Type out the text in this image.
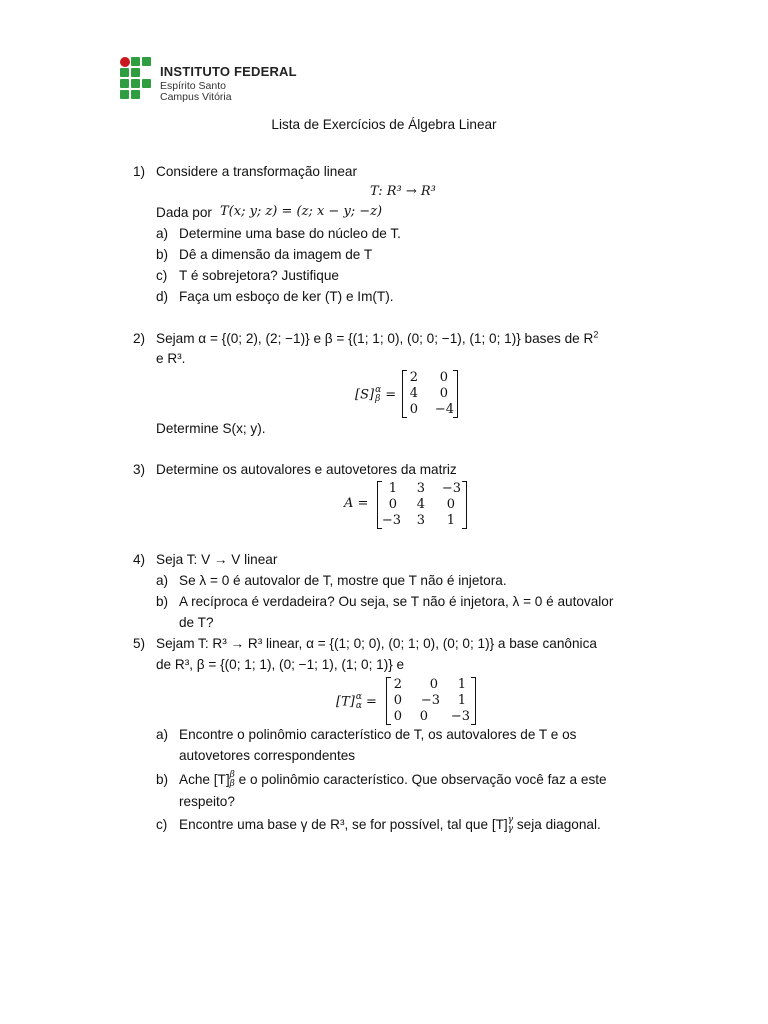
INSTITUTO FEDERAL
Espírito Santo
Campus Vitória
Lista de Exercícios de Álgebra Linear
1) Considere a transformação linear
T: R³ → R³
Dada por T(x; y; z) = (z; x − y; −z)
a) Determine uma base do núcleo de T.
b) Dê a dimensão da imagem de T
c) T é sobrejetora? Justifique
d) Faça um esboço de ker (T) e Im(T).
2) Sejam α = {(0; 2), (2; −1)} e β = {(1; 1; 0), (0; 0; −1), (1; 0; 1)} bases de $R^2$
e R³.
[S] α
β =
2	0
4	0
0	−4
Determine S(x; y).
3) Determine os autovalores e autovetores da matriz
A =
1	3	−3
0	4	0
−3	3	1
4) Seja T: V → V linear
a) Se λ = 0 é autovalor de T, mostre que T não é injetora.
b) A recíproca é verdadeira? Ou seja, se T não é injetora, λ = 0 é autovalor
de T?
5) Sejam T: R³ → R³ linear, α = {(1; 0; 0), (0; 1; 0), (0; 0; 1)} a base canônica
de R³, β = {(0; 1; 1), (0; −1; 1), (1; 0; 1)} e
[T] α
α =
2	0	1
0	−3	1
0	0	−3
a) Encontre o polinômio característico de T, os autovalores de T e os
autovetores correspondentes
b) Ache [T] β
β e o polinômio característico. Que observação você faz a este
respeito?
c) Encontre uma base γ de R³, se for possível, tal que [T] γ
γ seja diagonal.
